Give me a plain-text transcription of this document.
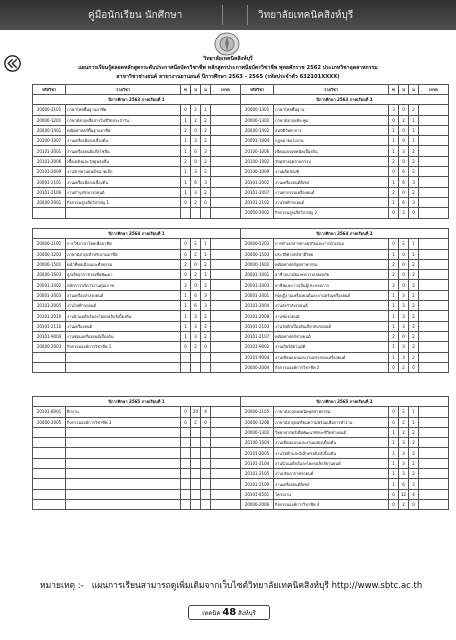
คู่มือนักเรียน นักศึกษา	วิทยาลัยเทคนิคสิงห์บุรี
วิทยาลัยเทคนิคสิงห์บุรี
แผนการเรียนรู้ตลอดหลักสูตรระดับประกาศนียบัตรวิชาชีพ หลักสูตรประกาศนียบัตรวิชาชีพ พุทธศักราช 2562 ประเภทวิชาอุตสาหกรรม
สาขาวิชาช่างยนต์ สาขางานยานยนต์ ปีการศึกษา 2563 - 2565 (รหัสประจำตัว 632101XXXX)
รหัสวิชา	รายวิชา	ท	ป	น	เกรด	รหัสวิชา	รายวิชา	ท	ป	น	เกรด
ปีการศึกษา 2563 ภาคเรียนที่ 1						ปีการศึกษา 2563 ภาคเรียนที่ 2					
20000-1101	ภาษาไทยพื้นฐานอาชีพ	0	2	1		20000-1301	ภาษาไทยพื้นฐาน	3	0	2	
20000-1201	ภาษาอังกฤษสื่อสารในชีวิตประจำวัน	1	2	2		20000-1302	ภาษาอังกฤษฟัง-พูด	0	2	1	
20000-1401	คณิตศาสตร์พื้นฐานอาชีพ	2	0	2		20000-1402	สมบัติวิทยาการ	1	0	1	
20100-1007	งานเครื่องมือกลเบื้องต้น	1	3	2		20001-1004	กฎหมายแรงงาน	1	0	1	
20101-2001	งานเครื่องยนต์แก๊สโซลีน	1	6	3		20100-1006	เขียนแบบเทคนิคเบื้องต้น	1	3	2	
20101-2006	เชื้อเพลิงและวัสดุหล่อลื่น	2	0	2		20100-1002	วัสดุช่างอุตสาหกรรม	2	0	2	
20101-2009	งานจักรยานยนต์ขนาดเล็ก	1	3	2		20100-1009	งานผลิตภัณฑ์	0	6	2	
20001-2101	งานเครื่องมือกลเบื้องต้น	1	6	3		20101-2002	งานเครื่องยนต์ดีเซล	1	6	3	
20101-2106	งานบำรุงรักษารถยนต์	1	3	2		20101-2007	งานศวกรรมเครื่องยนต์	2	0	2	
20000-2001	กิจกรรมลูกเสือวิสามัญ 1	0	2	0		20101-2102	งานไฟฟ้ารถยนต์	1	6	3	
						20000-2002	กิจกรรมลูกเสือวิสามัญ 2	0	2	0	
ปีการศึกษา 2564 ภาคเรียนที่ 1						ปีการศึกษา 2564 ภาคเรียนที่ 2					
20000-1102	การใช้ภาษาไทยเพื่ออาชีพ	0	2	1		20000-1203	การทำเอกสารทางธุรกิจและการนำเสนอ	0	2	1	
20000-1203	ภาษาอังกฤษสำหรับงานอาชีพ	0	2	1		20000-1503	ประวัติศาสตร์ชาติไทย	1	0	1	
20000-1501	หน้าที่พลเมืองและศีลธรรม	2	0	2		20000-1602	คณิตศาสตร์อุตสาหกรรม	2	0	2	
20000-1603	ลูกเสือยุวกาชาดเพื่อพัฒนา	0	2	1		20001-1001	อาชีวอนามัยและความปลอดภัย	2	0	2	
20001-1002	หลักการบริหารงานคุณภาพ	2	0	2		20001-1003	อาชีพและการเป็นผู้ประกอบการ	2	0	2	
20001-2003	งานเครื่องล่างรถยนต์	1	6	3		20001-2001	ทฤษฎีงานเครื่องยนต์และงานปรับเครื่องยนต์	1	3	2	
20101-2005	งานไฟฟ้ารถยนต์	1	6	3		20101-2004	งานส่งกำลังรถยนต์	1	3	2	
20101-2010	งานนิวแมติกส์และไฮดรอลิกส์เบื้องต้น	1	3	2		20101-2008	งานขับรถยนต์	1	3	2	
20101-2110	งานเครื่องยนต์	1	3	2		20101-2103	งานไฟฟ้าเบื้องต้นเกี่ยวกับรถยนต์	1	3	2	
20101-9004	งานซ่อมเครื่องยนต์เบื้องต้น	1	3	2		20101-2107	คณิตศาสตร์ช่างยนต์	2	0	2	
20000-2003	กิจกรรมองค์การวิชาชีพ 1	0	2	0		20101-9002	งานเกียร์อัตโนมัติ	1	3	2	
						20101-9004	งานเขียนแบบและงานประกอบเครื่องยนต์	1	3	2	
						20000-2004	กิจกรรมองค์การวิชาชีพ 2	0	2	0	
ปีการศึกษา 2565 ภาคเรียนที่ 1						ปีการศึกษา 2565 ภาคเรียนที่ 2					
20101-8001	ฝึกงาน	0	20	4		20000-1105	ภาษาอังกฤษเทคนิคอุตสาหกรรม	0	2	1	
20000-2005	กิจกรรมองค์การวิชาชีพ 3	0	2	0		20000-1208	ภาษาอังกฤษเตรียมความพร้อมเพื่อการทำงาน	0	2	1	
						20000-1302	วิทยาศาสตร์เพื่อพัฒนาทักษะชีวิตช่างยนต์	1	2	2	
						20100-1004	งานเขียนแบบและงานแสดงเบื้องต้น	1	3	2	
						20101-2005	งานไฟฟ้าและอิเล็กทรอนิกส์เบื้องต้น	1	3	2	
						20101-2104	งานนิวแมติกส์และไฮดรอลิกส์ยานยนต์	1	3	2	
						20101-2105	งานปรับอากาศรถยนต์	1	3	2	
						20101-2109	งานเครื่องยนต์ดีเซล	1	6	3	
						20101-8501	โครงงาน	0	12	4	
						20000-2006	กิจกรรมองค์การวิชาชีพ 4	0	2	0	
หมายเหตุ :- แผนการเรียนสามารถดูเพิ่มเติมจากเว็บไซต์วิทยาลัยเทคนิคสิงห์บุรี http://www.sbtc.ac.th
เทคนิค 48 สิงห์บุรี
